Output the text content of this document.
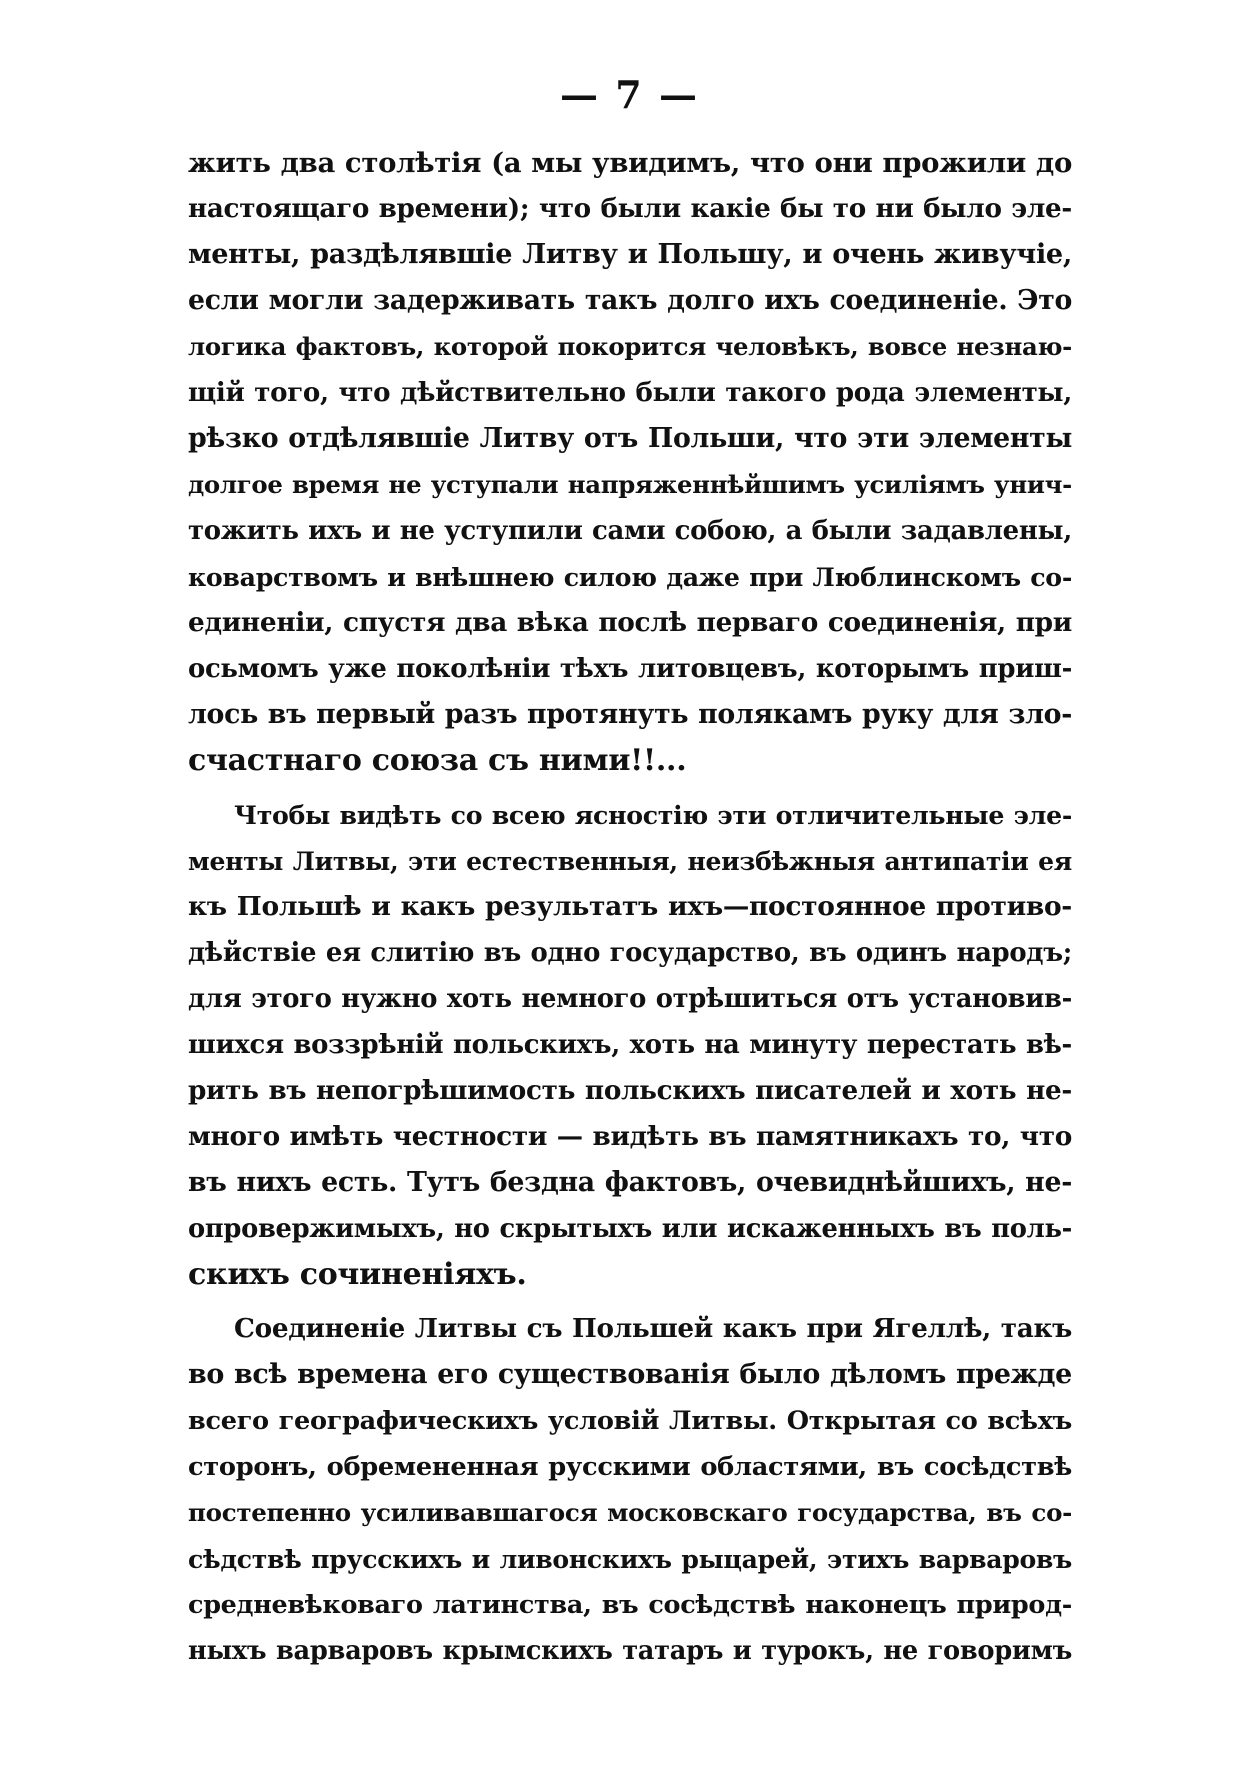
— 7 —
жить два столѣтія (а мы увидимъ, что они прожили до
настоящаго времени); что были какіе бы то ни было эле-
менты, раздѣлявшіе Литву и Польшу, и очень живучіе,
если могли задерживать такъ долго ихъ соединеніе. Это
логика фактовъ, которой покорится человѣкъ, вовсе незнаю-
щій того, что дѣйствительно были такого рода элементы,
рѣзко отдѣлявшіе Литву отъ Польши, что эти элементы
долгое время не уступали напряженнѣйшимъ усиліямъ унич-
тожить ихъ и не уступили сами собою, а были задавлены,
коварствомъ и внѣшнею силою даже при Люблинскомъ со-
единеніи, спустя два вѣка послѣ перваго соединенія, при
осьмомъ уже поколѣніи тѣхъ литовцевъ, которымъ приш-
лось въ первый разъ протянуть полякамъ руку для зло-
счастнаго союза съ ними!!...
Чтобы видѣть со всею ясностію эти отличительные эле-
менты Литвы, эти естественныя, неизбѣжныя антипатіи ея
къ Польшѣ и какъ результатъ ихъ—постоянное противо-
дѣйствіе ея слитію въ одно государство, въ одинъ народъ;
для этого нужно хоть немного отрѣшиться отъ установив-
шихся воззрѣній польскихъ, хоть на минуту перестать вѣ-
рить въ непогрѣшимость польскихъ писателей и хоть не-
много имѣть честности — видѣть въ памятникахъ то, что
въ нихъ есть. Тутъ бездна фактовъ, очевиднѣйшихъ, не-
опровержимыхъ, но скрытыхъ или искаженныхъ въ поль-
скихъ сочиненіяхъ.
Соединеніе Литвы съ Польшей какъ при Ягеллѣ, такъ
во всѣ времена его существованія было дѣломъ прежде
всего географическихъ условій Литвы. Открытая со всѣхъ
сторонъ, обремененная русскими областями, въ сосѣдствѣ
постепенно усиливавшагося московскаго государства, въ со-
сѣдствѣ прусскихъ и ливонскихъ рыцарей, этихъ варваровъ
средневѣковаго латинства, въ сосѣдствѣ наконецъ природ-
ныхъ варваровъ крымскихъ татаръ и турокъ, не говоримъ
